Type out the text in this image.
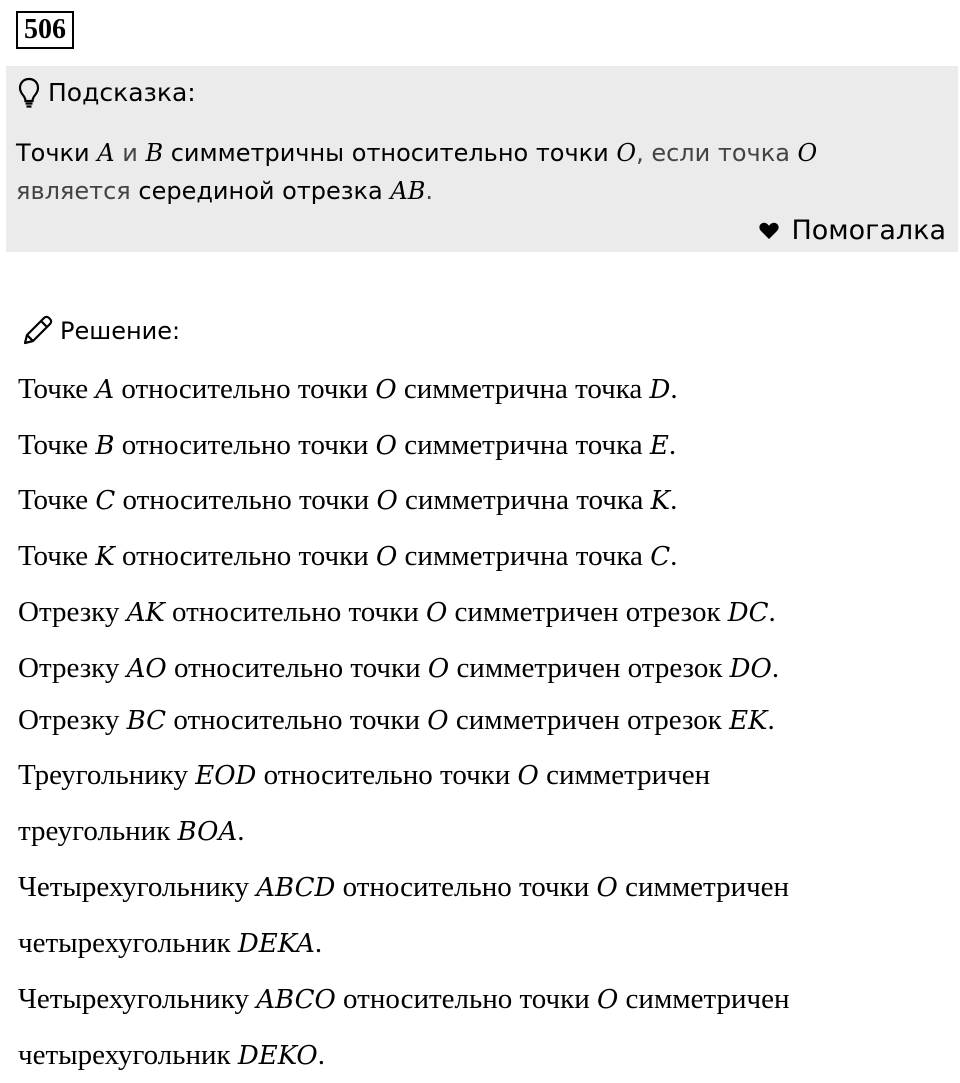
506
Подсказка:
Точки A и B симметричны относительно точки O, если точка O
является серединой отрезка AB.
Помогалка
Решение:
Точке A относительно точки O симметрична точка D.
Точке B относительно точки O симметрична точка E.
Точке C относительно точки O симметрична точка K.
Точке K относительно точки O симметрична точка C.
Отрезку AK относительно точки O симметричен отрезок DC.
Отрезку AO относительно точки O симметричен отрезок DO.
Отрезку BC относительно точки O симметричен отрезок EK.
Треугольнику EOD относительно точки O симметричен
треугольник BOA.
Четырехугольнику ABCD относительно точки O симметричен
четырехугольник DEKA.
Четырехугольнику ABCO относительно точки O симметричен
четырехугольник DEKO.
